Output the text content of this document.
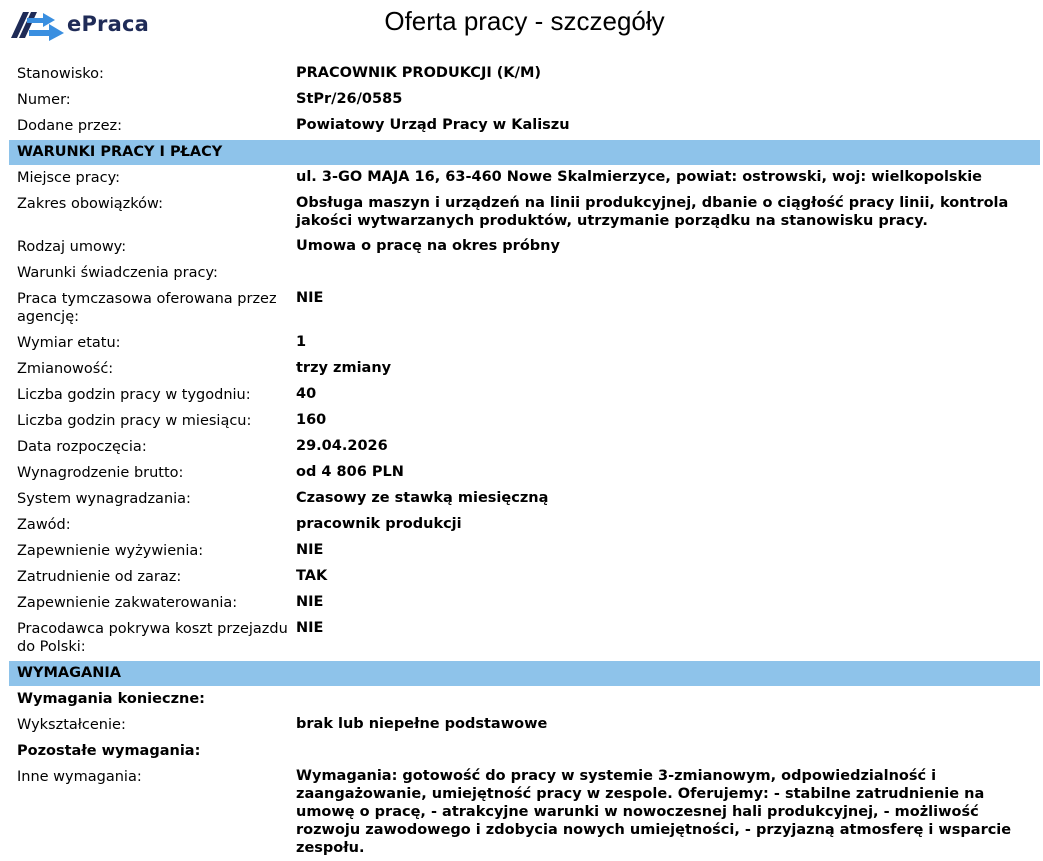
ePraca	Oferta pracy - szczegóły
Stanowisko:	PRACOWNIK PRODUKCJI (K/M)
Numer:	StPr/26/0585
Dodane przez:	Powiatowy Urząd Pracy w Kaliszu
WARUNKI PRACY I PŁACY
Miejsce pracy:	ul. 3-GO MAJA 16, 63-460 Nowe Skalmierzyce, powiat: ostrowski, woj: wielkopolskie
Zakres obowiązków:	Obsługa maszyn i urządzeń na linii produkcyjnej, dbanie o ciągłość pracy linii, kontrola jakości wytwarzanych produktów, utrzymanie porządku na stanowisku pracy.
Rodzaj umowy:	Umowa o pracę na okres próbny
Warunki świadczenia pracy:
Praca tymczasowa oferowana przez agencję:
NIE
Wymiar etatu:	1
Zmianowość:	trzy zmiany
Liczba godzin pracy w tygodniu:	40
Liczba godzin pracy w miesiącu:	160
Data rozpoczęcia:	29.04.2026
Wynagrodzenie brutto:	od 4 806 PLN
System wynagradzania:	Czasowy ze stawką miesięczną
Zawód:	pracownik produkcji
Zapewnienie wyżywienia:	NIE
Zatrudnienie od zaraz:	TAK
Zapewnienie zakwaterowania:	NIE
Pracodawca pokrywa koszt przejazdu do Polski:
NIE
WYMAGANIA
Wymagania konieczne:
Wykształcenie:	brak lub niepełne podstawowe
Pozostałe wymagania:
Inne wymagania:	Wymagania: gotowość do pracy w systemie 3-zmianowym, odpowiedzialność i zaangażowanie, umiejętność pracy w zespole. Oferujemy: - stabilne zatrudnienie na umowę o pracę, - atrakcyjne warunki w nowoczesnej hali produkcyjnej, - możliwość rozwoju zawodowego i zdobycia nowych umiejętności, - przyjazną atmosferę i wsparcie zespołu.
